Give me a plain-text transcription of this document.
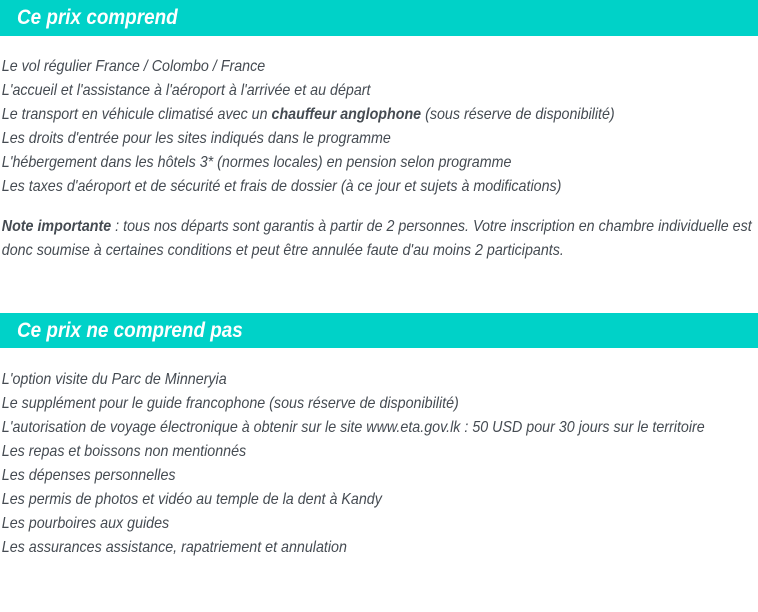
Ce prix comprend
Le vol régulier France / Colombo / France
L'accueil et l'assistance à l'aéroport à l'arrivée et au départ
Le transport en véhicule climatisé avec un chauffeur anglophone (sous réserve de disponibilité)
Les droits d'entrée pour les sites indiqués dans le programme
L'hébergement dans les hôtels 3* (normes locales) en pension selon programme
Les taxes d'aéroport et de sécurité et frais de dossier (à ce jour et sujets à modifications)

Note importante : tous nos départs sont garantis à partir de 2 personnes. Votre inscription en chambre individuelle est donc soumise à certaines conditions et peut être annulée faute d'au moins 2 participants.

Ce prix ne comprend pas
L'option visite du Parc de Minneryia
Le supplément pour le guide francophone (sous réserve de disponibilité)
L'autorisation de voyage électronique à obtenir sur le site www.eta.gov.lk : 50 USD pour 30 jours sur le territoire
Les repas et boissons non mentionnés
Les dépenses personnelles
Les permis de photos et vidéo au temple de la dent à Kandy
Les pourboires aux guides
Les assurances assistance, rapatriement et annulation
